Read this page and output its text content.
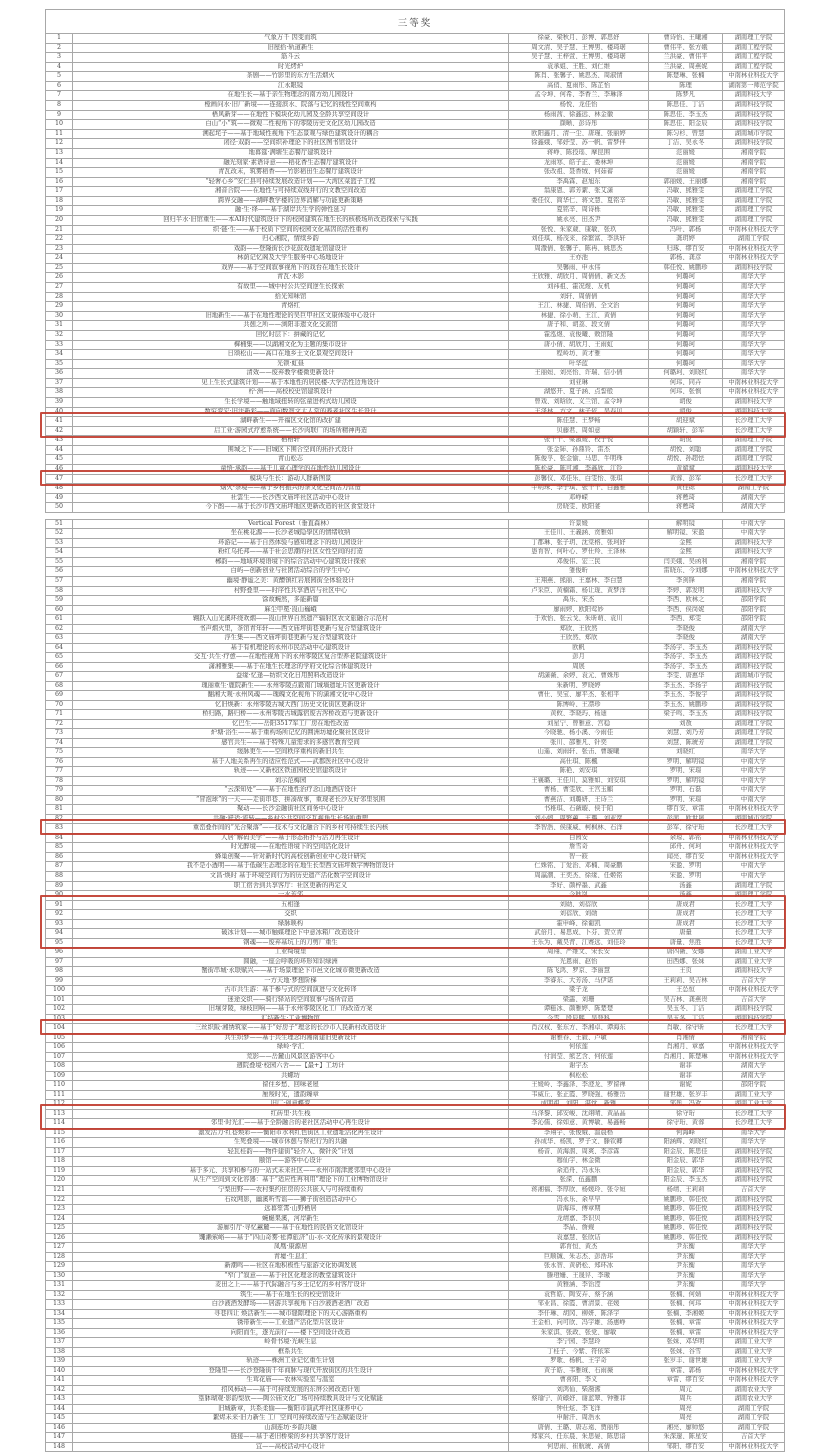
三等奖
1	气象万千 因变而筑	徐豪、梁秋月、彭博、郭思妤	曹诗怡、王曦湘	湖南理工学院
2	旧屋拾·轨道新生	周文清、吴子慧、王博男、楼琦琚	曹伟平、张方娥	湖南工程学院
3	筋斗云	吴子慧、王梓萱、王博男、楼琦琚	兰洪豪、曹伟平	湖南工程学院
4	时光烤炉	袁承姐、王胜、刘仁维	兰洪豪、周燕妮	湖南工程学院
5	茶剧——竹影里的东方生活烟火	陈肖、张馨子、姚思杰、周淑情	陈楚琳、张楠	中南林业科技大学
6	江永眼镜	高俏、夏雨彤、陈芷怡	陈理	湖南第一师范学院
7	在地生长—基于亲生物理念的南方幼儿园设计	孟令坤、何希、李香兰、李琳泽	陈梦凡	湖南科技大学
8	樘画问水·旧厂新境——连接滨水、院落与记忆的线性空间重构	杨悦、龙佳怡	陈思佳、丁洁	湖南科技学院
9	梧风新芽——在地性下模块化幼儿园及全龄共享空间设计	杨雨茜、徐鑫远、林金徽	陈思佳、李玉杰	湖南科技学院
10	白山“小”筑——微观二性视角下的零陵历史文化区幼儿园改造	颜晰、彭诗彤	陈思佳、阳金辰	湖南科技学院
11	溯起垞子——基于地域性视角下生态景观与绿色建筑设计的耦合	欧阳鑫月、清一尘、唐瑾、张丽婷	陈匀杉、曾慧	湖南城市学院
12	闭径·双韵——空间织补理论下的社区图书馆设计	徐鑫娥、邹妤莹、苏一帆、雷梦伴	丁洁、吴永冬	湖南科技学院
13	地暮筵·满塘生态餐厅建筑设计	蒋峥、陈投瑶、摩昆围	范丽媛	湘南学院
14	融光刻家·素语诗意——稻花香生态餐厅建筑设计	龙雨寒、皓子正、娄林坤	范丽媛	湘南学院
15	青瓦改末，筑雾稻香——竹影稻田生态餐厅建筑设计	张改祖、聂香绒、何茹蓄	范丽媛	湘南学院
16	“轻奢心乡”安仁县可持续发展改造计划——大湾区菜篮子工程	李禹霖、赵旭东	郭丽媛、王丽娜	湘南学院
17	湘音合院——在地性与可持续双线并行的文教空间改造	翁康恩、郭芳絮、张艾潇	冯敏、熊雅雯	湖南理工学院
18	跨界交融——湖畔教学楼的边界消解与功能更新策略	娄佳仪、简华仁、蒋文慧、夏铭辛	冯敏、熊雅雯	湖南理工学院
19	融·生·绎——基于湖岸共生学的弹性延习	夏铭辛、周诗栎	冯敏、熊雅雯	湖南理工学院
20	回归半水·旧馆重生——本AI时代建筑设计下的校园建筑在地生长的核极场所改造探索与实践	姚永亮、田杰尹	冯敏、熊雅雯	湖南理工学院
21	织·链·生——基于校质下空间的校园文化基因的活性重构	张悦、朱家葳、康敏、张玖	冯叶、郭杨	中南林业科技大学
22	归心湘院，情续乡韵	刘佳琪、杨茂来、徐繁富、李洪轩	龚玥婷	湖南工学院
23	戏韵——登隆街长沙花鼓戏遗址馆建设计	周潵倩、张馨子、陈冉、姚思杰	归琢、缪百安	中南林业科技大学
24	林荫记忆阁及大学生服务中心场地设计	王亦池	郭杨、龚彦	中南林业科技大学
25	戏界——基于空间叙事视角下的戏台在地生长设计	吴馨雨、申永伟	韩佳悦、姚鹏珍	湖南科技学院
26	青瓦·木影	王欣雅、胡欣月、周倩倩、新文杰	何璐珂	南华大学
27	有故里——城中村公共空间逆生长探索	刘祎祖、霍况煜、友机	何璐珂	南华大学
28	拾光知味馆	刘轩、周倩倩	何璐珂	南华大学
29	青烙红	王江、林捷、周伯倩、全文治	何璐珂	南华大学
30	旧地新生——基于在地性理论的吴巨甲社区文康体验中心设计	林捷、徐小萌、王江、黄倩	何璐珂	南华大学
31	共憩之所——浏阳非遗文化交流馆	唐子和、胡荔、段文倩	何璐珂	南华大学
32	回忆时层下：拼藏的记忆	霍泓煜、袁俊曦、敕馆隆	何璐珂	南华大学
33	樨桶集——以湖湘文化为主题的集市设计	唐小倩、胡欣月、王雨虹	何璐珂	南华大学
34	日颂松山——高口在地乡土文化景观空间设计	程岭坊、黄才雅	何璐珂	南华大学
35	光锁·虹昼	叶华蓝	何璐珂	南华大学
36	清效——废弃教学楼微更新设计	王丽姮、刘亮怡、许瑞、信小倩	何璐珂、刘晓红	南华大学
37	见上生长式建筑计划——基于本地性的居民楼-大学活性边角设计	刘亚琳	何玮、同卉	中南林业科技大学
38	柠·洲——高校校史馆建筑设计	湖悠开、夏子涵、点誓般	何玮、张慎	中南林业科技大学
39	生长学境——触地域扭转的弦童进构式幼儿园设	曾戏、刘晗欣、义兰馆、孟令坤	胡俊	湖南科技大学
40	数穷变宏·旧法新彩——面向数智文太人常的养老社区生长设计	王泽林、方文、林子依、吴春贝	胡俊	湖南科技大学
41	湖畔新生——开福区文化馆的改扩建	陈佳慧、王梦畅	胡迎斌	长沙理工大学
42	启工业·游园式疗愈系统——长沙肉联厂的场所精神再造	贝藤君、周如意	胡颖轩、彭军	长沙理工大学
43	栖梧轩	张千千、梁淑媛、校子悦	胡悦	湖南理工学院
44	围城之下——旧城区下围合空间的拓扑式设计	张金铈、孙鼎铃、雷杰	胡悦、刘聪	湖南理工学院
45	青山松志	陈俊孚、张金愉、马思、牛明珠	胡悦、孙超怯	湖南理工学院
46	童悟·承韵——基于儿童心理学的在地性幼儿园设计	陈松豪、陈可湘、李鑫欣、江铃	黄斌斌	湖南科技大学
47	模块与生长：游动人群新图景	彭馨仪、邓佳乐、白雯怡、张琪	黄蓉、彭军	长沙理工大学
48	烟火·茶境——基于乡村振兴的茶文化空间活力营造	牛明珠、李子琪、张千千、白鑫雅	黄佳练	湖南工学院
49	社雲生——长沙西文庙坪社区活动中心设计	邓峥嵘	蒋甦琦	湖南大学
50	今下酌——基于长沙市西文庙坪地区更新改造的社区食堂设计	房晓雯、欧阳荽	蒋甦琦	湖南大学
51	Vertical Forest（垂直森林）	许景媛	解明镜	中南大学
52	坐在桃花源——长沙老城隐學区的情绪收纳	王佳川、王義涵、贲雅如	解明镜、宋盈	中南大学
53	环游记——基于自然体验与感知理念下的幼儿园设计	丁郡琳、张子玥、沈棠榕、张珂妤	金熙	湖南科技大学
54	粉红乌托邦——基于社会思潮的社区女性空间的打造	愚育智、何叶心、罗仕羚、王泽林	金熙	湖南科技大学
55	郴韵——地域环境语境下的综合活动中心建筑设计探索	邓俊伟、宏三民	闫美娥、吴函利	湘南学院
56	白屿—创新创业与社团活动综合的学生中心	雏俊昕	雷晓东、今刘娜	中南林业科技大学
57	幽境·静谧之美：黄醴镇红岩展园街全体验设计	王翔燕、熊丽、王嘉林、李白慧	李剑锋	湘南学院
58	村野叠里——时序性共享酒店与社区中心	卢采臣、黄楠霜、杨让珑、黄梦洋	李婷、郭发明	湖南科技大学
59	馀故蜿然，多能新篇	禹乐、宋杰	李西、欧林之	邵阳学院
60	麻尘甲冕·崀山巍峨	廖雨婷、欧阳莺妙	李西、侯岗妮	邵阳学院
61	翱跃入山光溪环绕欢烟——崀山世界自然遗产辐射区农文旅融合示范村	于欢怡、张云戈、朱昕萌、袁川	李西、郑雯	邵阳学院
62	书声烟火里，茶馆青年轩——西文庙坪街巷更新与复合型建筑设计	郑欣、王欣然	李晓俊	湖南大学
63	浮生集——西文庙坪街巷更新与复合型建筑设计	王欣然、郑欣	李晓俊	湖南大学
64	基于有机理论的永州市民活动中心建筑设计	欧帆	李汤宇、李玉杰	湖南科技学院
65	交互·共生·疗愈——在地性视角下的永州零陵区复合型养老院建筑设计	彭月	李汤宇、李玉杰	湖南科技学院
66	潇湘雅集——基于在地生长理念的学府文化综合体建筑设计	周展	李汤宇、李玉杰	湖南科技学院
67	益缘·忆逢—纺织文化日用照料改造设计	胡潇薇、余婷、袁元、曹姝彤	李雯、唐惠华	湖南城市学院
68	瑰丽重生·鹿院新生——永州零陵点毅南门城墙遗址片区更新设计	朱新明、罗晓婷	李玉杰、李扬宇	湖南科技学院
69	翻湘大观·永州风魂——瑰魄文化视角下的潇湘文化中心设计	曹仕、吴宝、廖平杰、张相平	李玉杰、李俊宇	湖南科技学院
70	忆旧焕新：永州零陵古城大西门历史文化街区更新设计	陈博岭、王凚珍	李玉杰、姚鹏珍	湖南科技学院
71	桥归路，路归桥——永州零陵古城露宿废古涔桥改造与更新设计	黄攸、李晓玙、杨迪	梁子鸣、李玉杰	湖南科技学院
72	忆巴生——岳阳3517军工厂房在地性改造	刘星宁、曾雅意、宫稳	刘敖	湖南理工学院
73	炉塘·浴生——基于重构场所记忆的囲洲坊墟化聚社区设计	今晓驰、杨小溪、今雨佳	刘慧、刘乃芳	湖南理工学院
74	感官共生——基于特殊儿童需求的多感官教育空间	张川、邵雅凡、针奕	刘慧、陈琥芳	湖南理工学院
75	缓脉更生——空间秩序重构的新旧共生	山遥、刘雨轩、张击、曹璇曦	刘晓红	南华大学
76	基于人地关系再生的适应性范式——武郡医社区中心设计	高仕琪、陈楓	罗明、解明镜	中南大学
77	轨迹——又新校区铁道园校史馆建筑设计	陈艳、刘安琪	罗明、宋璟	中南大学
78	刘示范梅园	王襄璐、王佳川、莫雅如、刘安琪	罗明、解明镜	中南大学
79	“云深知处”——基于在地性治疗念山地酒店设计	曹杨、曹雯欣、王宫玉麒	罗明、石磊	中南大学
80	“冒泡球”的一天——走街串巷、拼凑故事，重现老长沙友好邻里氛围	曹燕洁、刘璐妍、王诗兰	罗明、宋璟	中南大学
81	聚动——长沙金融街社区商务中心设计	书稚琪、石薇璇、侯于陌	缪百安、章雷	中南林业科技大学
82	共融·舒适·流转——乡村公共空间交互视角生长场所重塑	刘小婷、周繁蕙、王璐、刘亚宽	彭茜、欧世晟	湖南城市学院
83	重峦叠作间的“光合聚落”——技术与文化融合下的乡村可持续生长内核	李智浩、侯康威、柯枫林、石洋	彭军、徐守珩	长沙理工大学
84	人居“解码美学”——基于形态拓扑与活力再生设计	白园安	余琼、郭铭	中南林业科技大学
85	时光醉境——在地性语境下的空间活化设计	詹雪奇	邱舟、何珂	中南林业科技大学
86	蜂巢创聚——针对新时代的高校创新创业中心设计研究	智一筱	闻亮、缪百安	中南林业科技大学
87	我不是小透明——基于低碳生态理念的在地生长型西文庙坪数字博物馆设计	仁姝铭、丁爱治、邓楠、周豪鹏	宋盈、罗明	中南大学
88	文昌·焕时 基于环境空间行为的历史遗产活化数字空间设计	周瀛潮、王奕杰、徐缘、任姬铭	宋盈、罗明	中南大学
89	职工宿舍到共享客厅：社区更新的再定义	李好、颜梓墨、武鑫	汤鑫	湖南理工学院
90	一水芳邻	今秋岚	汤鑫	湖南理工学院
91	五相逢	刘勋、刘蓓欣	唐成君	长沙理工大学
92	交织	刘蓓欣、刘勋	唐成君	长沙理工大学
93	绿脉映构	霍申峰、徐葡凯	唐成君	长沙理工大学
94	破冰计划——城市触媒理论下中意冰箱厂改造设计	武倍月、易思成、卜芬、贺立青	唐量	长沙理工大学
95	钢魂——废弃基坑上的刀剪厂重生	王乐为、戴昊背、江赛远、刘佳玲	唐量、焦胜	长沙理工大学
96	工业绮境里	周翔、严维文、宋长安	唐四薇、安娜	湖南工业大学
97	圆融，一座会呼吸的环形知识绿洲	光恩雨、赵怡	田西娜、张妹	湖南工业大学
98	蟹街串城·永联赋兴——基于场景理论下市邑文化城市微更新改造	陈飞鸿、罗京、李丽慧	王页	湖南科技大学
99	一方天地·梦想阶梯	李睿东、大芳汤、马伊诺	王莉莉、吴吉林	吉首大学
100	古市共生游：基于参与式的空间演进与文化转译	梁子龙	王怂恒	中南林业科技大学
101	迷途交织——骑行驿站的空间叙事与场所营造	梁霝、刘珊	吴吉林、龚燕贵	吉首大学
102	旧壤芽陵，绿枝回响——基于永州零陵区化工厂的改造方案	谭糍冰、颜雅婷、陈楚楚	吴玉冬、丁洁	湖南科技学院
103	汇结新生·工业博物馆	今雪、段辰熙、吴登科	吴玉冬、丁洁	湖南科技学院
104	三丝织阪·湘绣筑家——基于“好房子”理念的长沙市人民新村改造设计	肖汉权、张东方、李湘卓、谭海东	肖敏、徐守昕	长沙理工大学
105	共生织梦——基于共生理念的湘南建旧更新设计	谢雅春、王毅、卢敏	肖湘倩	湘南学院
106	绿岭·学汇	何依莲	肖湘月、章嘉	中南林业科技大学
107	荒影——岳麓山风景区游客中心	付润莹、熊艺含、何依莲	肖湘月、陈楚琳	中南林业科技大学
108	週院叠境·校园六舍——【最+】工坊计	谢宇杰	谢菲	湖南大学
109	共螺坊	枫松松	谢菲	湖南大学
110	留住乡愁、回味老屋	王媛岭、李鑫泽、李澄龙、罗留禅	谢妮	邵阳学院
111	厘羧时光，遗韵臻章	韦威丘、张正霞、罗晓强、杨雅岳	谢世雄、张岁丰	湖南工业大学
112	旧厂·创意蝶变	成明祖、刘阳、湛忱、新雅	邹彤、冯欢	湖南工业大学
113	红砖里·共生栈	马泽黎、邱安峻、沈翊晴、黄晶晶	徐守珩	长沙理工大学
114	邻里·时光汇——基于全龄融合的老社区活动中心再生设计	李沁儒、徐如意、黄博敏、易鑫畅	徐守珩、黄蓉	长沙理工大学
115	激发活力·红巷焕彩——衡阳市水利红色街区工业遗址活化再生设计	李翔宇、张俊娥、温晨格	何海峰	南华大学
116	生死叠境——城市休憩与祭祀行为的共融	孙成华、杨凯、罗子文、滕钦卿	阳涵辉、刘晓红	南华大学
117	轻瓦桂韵——物件建街“轻介入、微针灸”计划	杨音、黄海洇、周爽、李彦霖	阳金辰、陈思佳	湖南科技学院
118	颐馆——游客中心设计	穆仙宇、林金微	阳金辰、郭华	湖南科技学院
119	基于多元、共享和参与的一站式未来社区——永州市南津渡邻里中心设计	余追舟、冯永乐	阳金辰、郭华	湖南科技学院
120	从生产空间到文化容器：基于“适应性再利用”理论下的工业博物馆设计	张溁、伍鑫鹏	阳金辰、李玉杰	湖南科技学院
121	宁梨田野——农村集约住房的公共嵌入与可持续重构	蒋湘福、李厚欣、杨媛玲、张令姮	杨靖、王莉莉	吉首大学
122	石纹网影，幽溪听雪谣——狮子街创造活动中心	冯永乐、余早早	姚鹏珍、韩佳悦	湖南科技学院
123	远暮笙霄·山野栖居	唐海玮、傅章期	姚鹏珍、韩佳悦	湖南科技学院
124	蜿蜒果溪，河岸新生	龙靖嘉、李识贝	姚鹏珍、韩佳悦	湖南科技学院
125	游廊引厅·寻忆蕙麓——基于在地性的民俗文化馆设计	李晶、詹觋	姚鹏珍、韩佳悦	湖南科技学院
126	鼆濑萦峪——基于“四山奇雾·袪潭旅济”山-水-文化传承的景观设计	袁嘉慧、张欣诘	姚鹏珍、韩佳悦	湖南科技学院
127	凤凰·康源居	郭育恒、黄杰	尹东衡	南华大学
128	青墟·生息汇	巨顺铖、朱志杰、彭浩玮	尹东衡	南华大学
129	新潮鸣——社区在地积极性与旅游文化协调发展	张永智、黄砃松、郑环冰	尹东衡	南华大学
130	“窄门”叙意——基于社区化理念的教堂建筑设计	滕璒姍、王晟舁、李璬	尹东衡	南华大学
131	麦田之上——基于代际融合与乡土记忆的乡村客厅设计	黄雅涵、李饴滢	尹东衡	南华大学
132	筑生——基于在地生长的校史馆设计	袁哲皓、陶安卉、蔡予涵	张楠、何婧	中南林业科技大学
133	白沙液酒发酵场——居游共享视角下白沙液酒老酒厂改造	邹业昌、徐霞、曹清景、荏媛	张楠、何玮	中南林业科技大学
134	寻巷四让 焕活新生——城市缝隙理论下的天心游路重构	李仟琳、胡冈、柳妍、陈泽宇	张楠、李湘姬	中南林业科技大学
135	锈带新生——工业遗产活化型片区设计	王金柏、向可欣、冯宇雄、汤惠峥	张楠、章雷	中南林业科技大学
136	向阳而生，逐光前行——楼下空间设计改造	朱家淇、张政、张党、廖敏	张楠、章雷	中南林业科技大学
137	岭骨书境·光峡生息	李宁园、李慧玲	张妹、邓华明	湖南工业大学
138	框系共生	丁桂子、今紫、符依笨	张妹、谷雪	湖南工业大学
139	轨迹——株洲工业记忆重生计划	罗歌、杨帆、王宇奇	张岁丰、谢世雄	湖南工业大学
140	登隆里——长沙登隆街千年商脉与现代开放街区的共生设计	黄子皓、韦雅珬、石雨薇	章雷、郭杨	中南林业科技大学
141	生茸花庙——农林实验室与温室	曹喜阳、李义	章雷、缪百安	中南林业科技大学
142	招风柿动——基于可持续发展的东屏公园改造计划	刘鸿仙、柴潑潆	周元	湖南农业大学
143	篁躰瑚观·影韵梨欤——陶公庙文化广场可持续教具设计与文化赋能	蔡瑜宁、黄礤妤、谢蓝翠、钟雅菲	周兵	湖南农业大学
144	旧城新章，共系柔愉——衡阳市演武坪社区康养中心	钟仕炫、李飞洋	周亮	湖南工学院
145	絮烬未来·旧力新生 工厂空间可持续改造与生态赋能设计	申耐汗、周浩永	周亮	湖南工学院
146	山洞连坊·乡韵共融	唐倩、王璐、唐志遠、贾丽彤	湘亮、廖帅悠	湖南工学院
147	链接——基于老旧桥梁的乡村共享客厅设计	郑家兴、任东晨、朱思晏、陈思谙	朱深邃、陈星安	吉首大学
148	宜——高校活动中心设计	何思雨、崔航琥、高倩	邹阳、缪百安	中南林业科技大学
